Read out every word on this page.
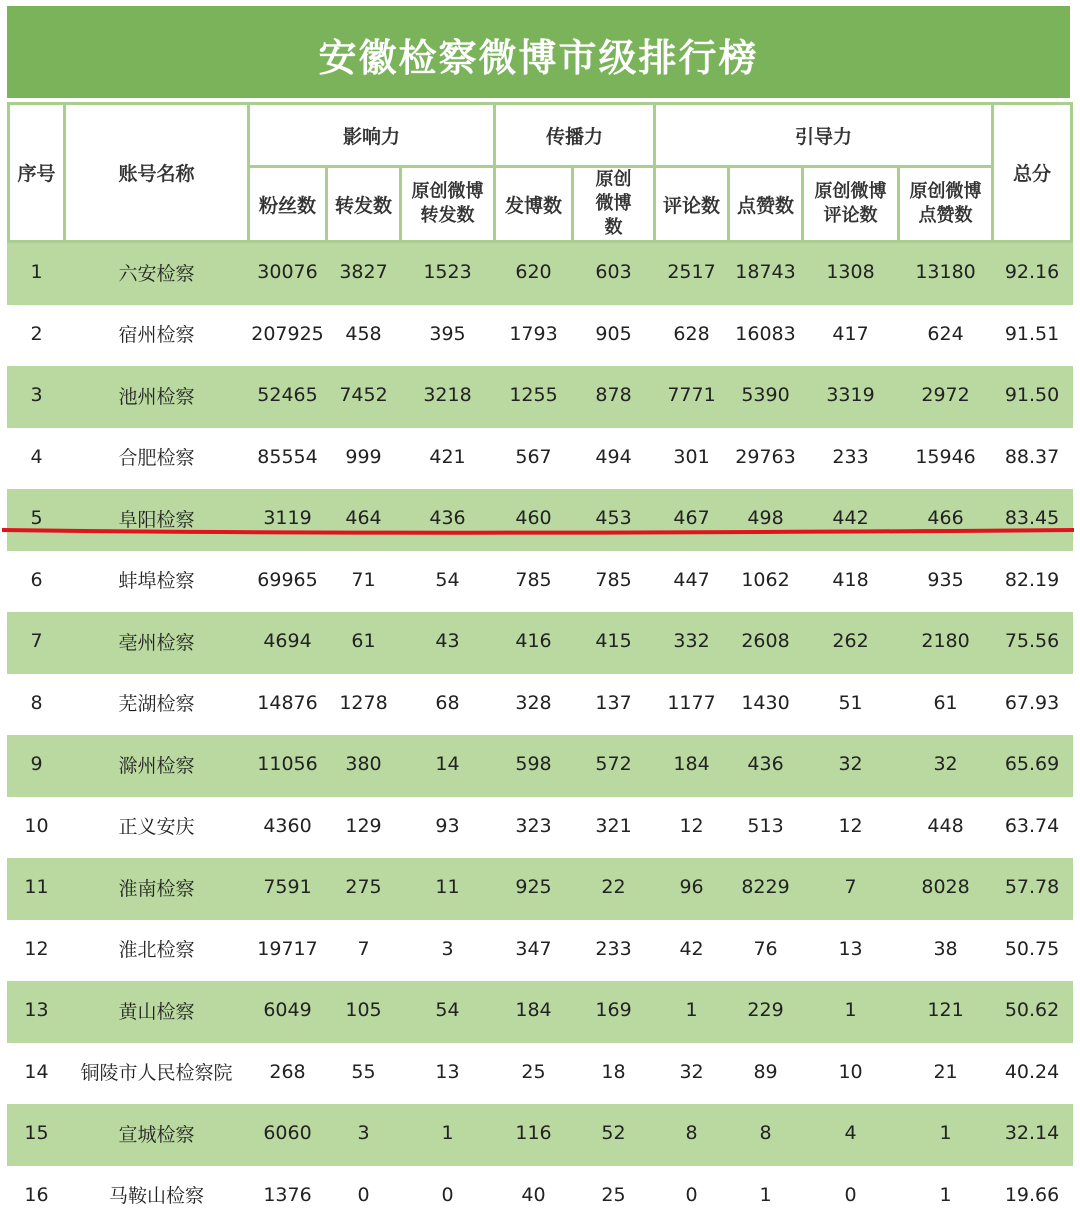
安徽检察微博市级排行榜
序号	账号名称	影响力			传播力		引导力				总分
		粉丝数	转发数	原创微博转发数	发博数	原创微博数	评论数	点赞数	原创微博评论数	原创微博点赞数	
1	六安检察	30076	3827	1523	620	603	2517	18743	1308	13180	92.16
2	宿州检察	207925	458	395	1793	905	628	16083	417	624	91.51
3	池州检察	52465	7452	3218	1255	878	7771	5390	3319	2972	91.50
4	合肥检察	85554	999	421	567	494	301	29763	233	15946	88.37
5	阜阳检察	3119	464	436	460	453	467	498	442	466	83.45
6	蚌埠检察	69965	71	54	785	785	447	1062	418	935	82.19
7	亳州检察	4694	61	43	416	415	332	2608	262	2180	75.56
8	芜湖检察	14876	1278	68	328	137	1177	1430	51	61	67.93
9	滁州检察	11056	380	14	598	572	184	436	32	32	65.69
10	正义安庆	4360	129	93	323	321	12	513	12	448	63.74
11	淮南检察	7591	275	11	925	22	96	8229	7	8028	57.78
12	淮北检察	19717	7	3	347	233	42	76	13	38	50.75
13	黄山检察	6049	105	54	184	169	1	229	1	121	50.62
14	铜陵市人民检察院	268	55	13	25	18	32	89	10	21	40.24
15	宣城检察	6060	3	1	116	52	8	8	4	1	32.14
16	马鞍山检察	1376	0	0	40	25	0	1	0	1	19.66
